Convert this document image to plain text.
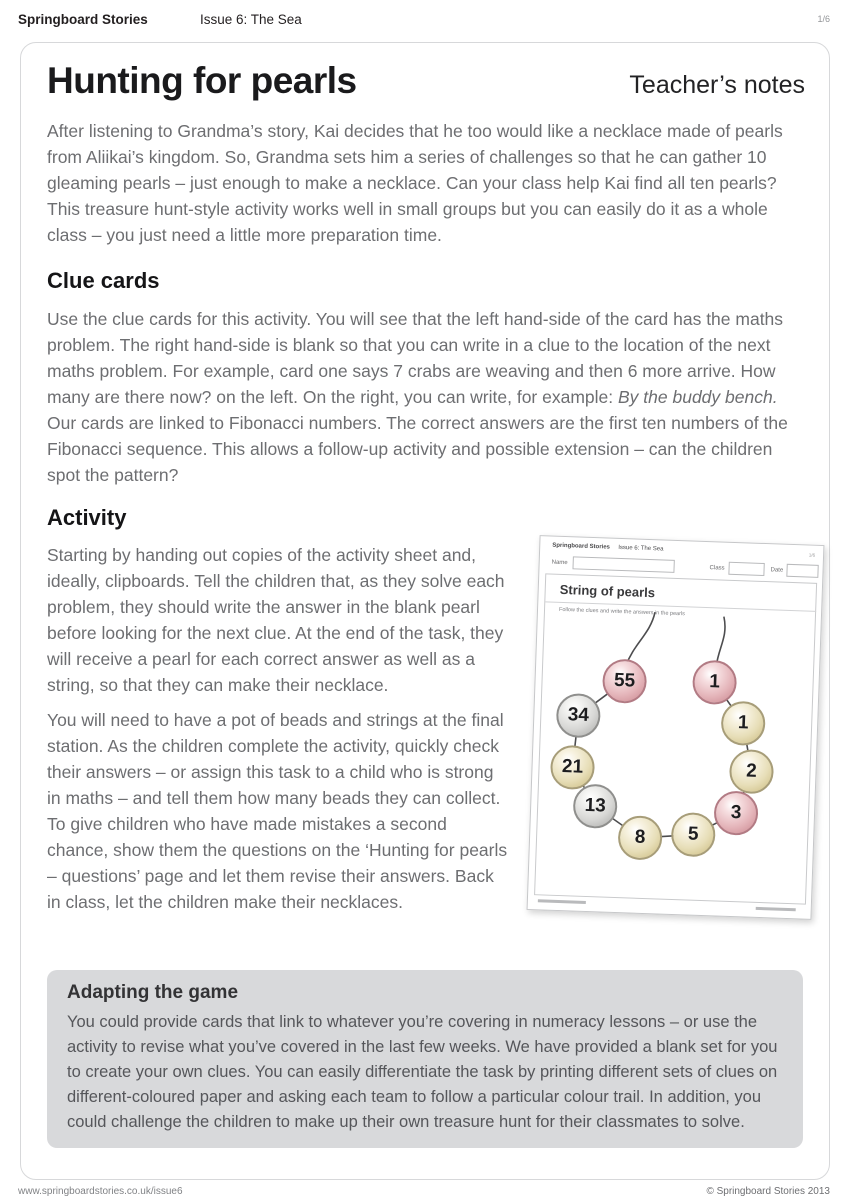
Springboard Stories	Issue 6: The Sea	1/6
Hunting for pearls	Teacher’s notes

After listening to Grandma’s story, Kai decides that he too would like a necklace made of pearls from Aliikai’s kingdom. So, Grandma sets him a series of challenges so that he can gather 10 gleaming pearls – just enough to make a necklace. Can your class help Kai find all ten pearls? This treasure hunt-style activity works well in small groups but you can easily do it as a whole class – you just need a little more preparation time.

Clue cards

Use the clue cards for this activity. You will see that the left hand-side of the card has the maths problem. The right hand-side is blank so that you can write in a clue to the location of the next maths problem. For example, card one says 7 crabs are weaving and then 6 more arrive. How many are there now? on the left. On the right, you can write, for example: By the buddy bench. Our cards are linked to Fibonacci numbers. The correct answers are the first ten numbers of the Fibonacci sequence. This allows a follow-up activity and possible extension – can the children spot the pattern?

Activity

Starting by handing out copies of the activity sheet and, ideally, clipboards. Tell the children that, as they solve each problem, they should write the answer in the blank pearl before looking for the next clue. At the end of the task, they will receive a pearl for each correct answer as well as a string, so that they can make their necklace.

You will need to have a pot of beads and strings at the final station. As the children complete the activity, quickly check their answers – or assign this task to a child who is strong in maths – and tell them how many beads they can collect. To give children who have made mistakes a second chance, show them the questions on the ‘Hunting for pearls – questions’ page and let them revise their answers. Back in class, let the children make their necklaces.

Springboard Stories Issue 6: The Sea
1/6
Name
Class	Date
String of pearls
Follow the clues and write the answers in the pearls
55
34
21
13
8	5
3
2
1
1
Adapting the game
You could provide cards that link to whatever you’re covering in numeracy lessons – or use the activity to revise what you’ve covered in the last few weeks. We have provided a blank set for you to create your own clues. You can easily differentiate the task by printing different sets of clues on different-coloured paper and asking each team to follow a particular colour trail. In addition, you could challenge the children to make up their own treasure hunt for their classmates to solve.
www.springboardstories.co.uk/issue6	© Springboard Stories 2013
